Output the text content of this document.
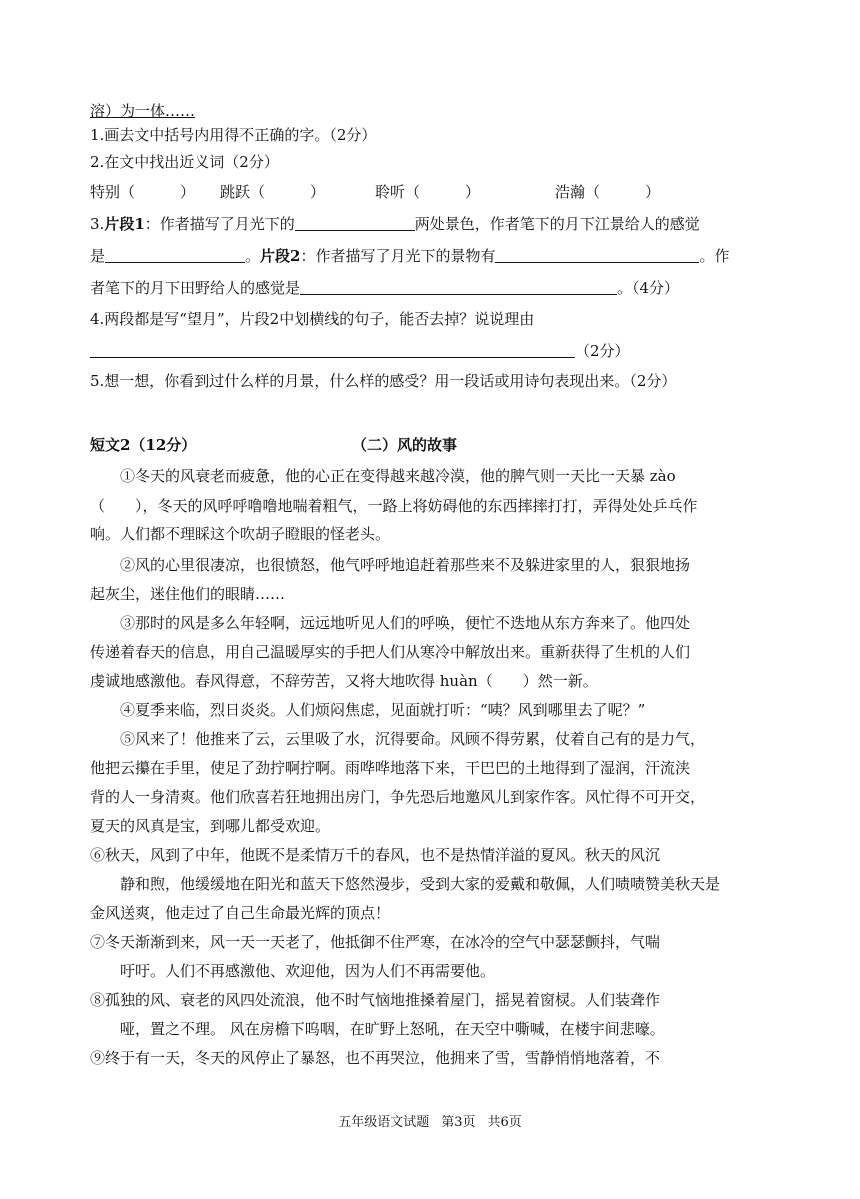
溶）为一体……
1.画去文中括号内用得不正确的字。（2分）
2.在文中找出近义词（2分）
特别（　　　） 跳跃（　　　）	聆听（　　　）	浩瀚（　　　）
3.片段1：作者描写了月光下的	两处景色，作者笔下的月下江景给人的感觉
是	。片段2：作者描写了月光下的景物有	。作
者笔下的月下田野给人的感觉是	。（4分）
4.两段都是写“望月”，片段2中划横线的句子，能否去掉？说说理由
（2分）
5.想一想，你看到过什么样的月景，什么样的感受？用一段话或用诗句表现出来。（2分）
短文2（12分）	（二）风的故事
①冬天的风衰老而疲惫，他的心正在变得越来越冷漠，他的脾气则一天比一天暴 zào
（　　），冬天的风呼呼噜噜地喘着粗气，一路上将妨碍他的东西摔摔打打，弄得处处乒乓作
响。人们都不理睬这个吹胡子瞪眼的怪老头。
②风的心里很凄凉，也很愤怒，他气呼呼地追赶着那些来不及躲进家里的人，狠狠地扬
起灰尘，迷住他们的眼睛……
③那时的风是多么年轻啊，远远地听见人们的呼唤，便忙不迭地从东方奔来了。他四处
传递着春天的信息，用自己温暖厚实的手把人们从寒冷中解放出来。重新获得了生机的人们
虔诚地感激他。春风得意，不辞劳苦，又将大地吹得 huàn（　　）然一新。
④夏季来临，烈日炎炎。人们烦闷焦虑，见面就打听：“咦？风到哪里去了呢？”
⑤风来了！他推来了云，云里吸了水，沉得要命。风顾不得劳累，仗着自己有的是力气，
他把云攥在手里，使足了劲拧啊拧啊。雨哗哗地落下来，干巴巴的土地得到了湿润，汗流浃
背的人一身清爽。他们欣喜若狂地拥出房门，争先恐后地邀风儿到家作客。风忙得不可开交，
夏天的风真是宝，到哪儿都受欢迎。
⑥秋天，风到了中年，他既不是柔情万千的春风，也不是热情洋溢的夏风。秋天的风沉
静和煦，他缓缓地在阳光和蓝天下悠然漫步，受到大家的爱戴和敬佩，人们啧啧赞美秋天是
金风送爽，他走过了自己生命最光辉的顶点！
⑦冬天渐渐到来，风一天一天老了，他抵御不住严寒，在冰冷的空气中瑟瑟颤抖，气喘
吁吁。人们不再感激他、欢迎他，因为人们不再需要他。
⑧孤独的风、衰老的风四处流浪，他不时气恼地推搡着屋门，摇晃着窗棂。人们装聋作
哑，置之不理。 风在房檐下呜咽，在旷野上怒吼，在天空中嘶喊，在楼宇间悲嚎。
⑨终于有一天，冬天的风停止了暴怒，也不再哭泣，他拥来了雪，雪静悄悄地落着，不
五年级语文试题 第3页 共6页
